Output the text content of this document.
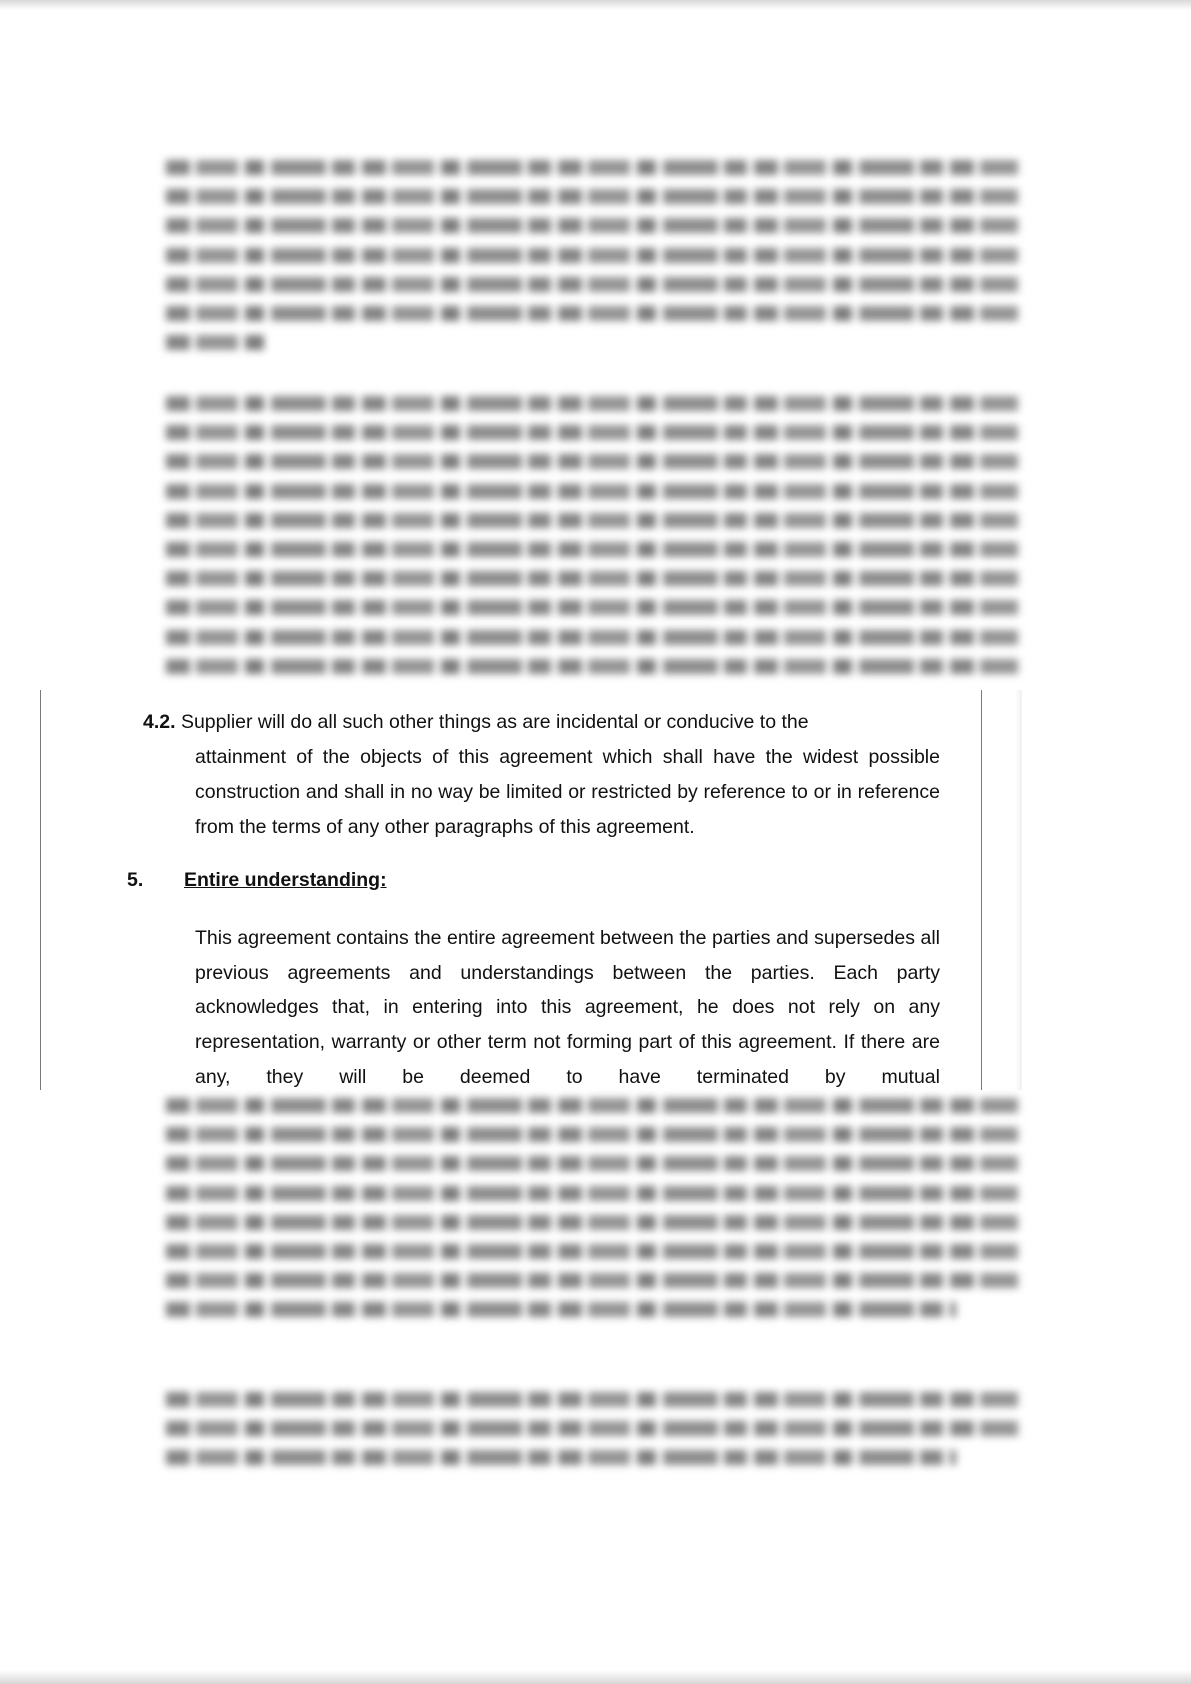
4.2. Supplier will do all such other things as are incidental or conducive to the
attainment of the objects of this agreement which shall have the widest possible construction and shall in no way be limited or restricted by reference to or in reference from the terms of any other paragraphs of this agreement.
5. Entire understanding:
This agreement contains the entire agreement between the parties and supersedes all previous agreements and understandings between the parties. Each party acknowledges that, in entering into this agreement, he does not rely on any representation, warranty or other term not forming part of this agreement. If there are any, they will be deemed to have terminated by mutual
